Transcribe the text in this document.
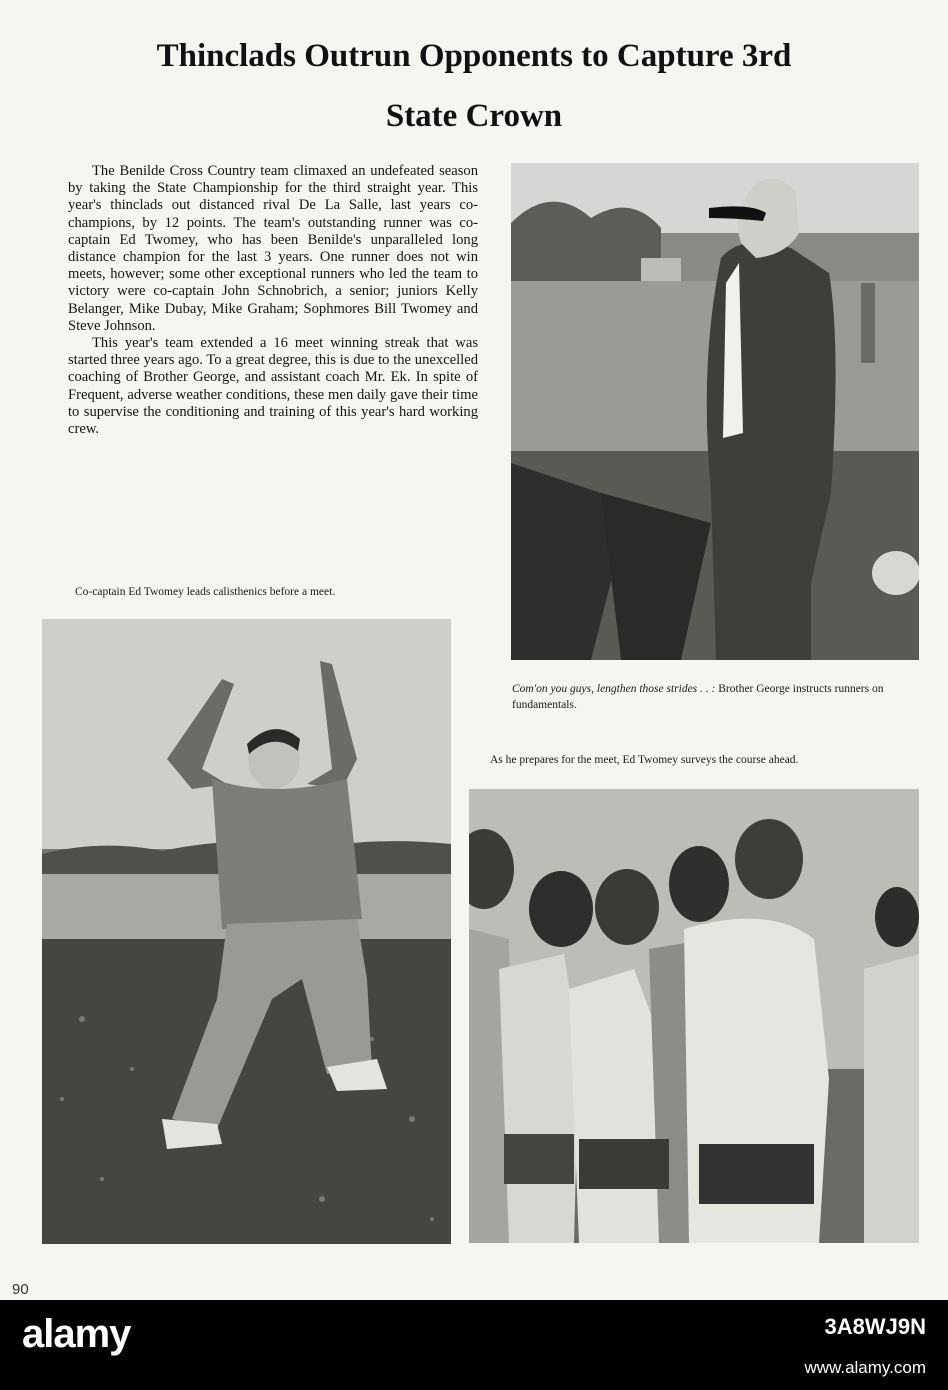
Thinclads Outrun Opponents to Capture 3rd
State Crown

The Benilde Cross Country team climaxed an undefeated season by taking the State Championship for the third straight year. This year's thinclads out distanced rival De La Salle, last years co-champions, by 12 points. The team's outstanding runner was co-captain Ed Twomey, who has been Benilde's unparalleled long distance champion for the last 3 years. One runner does not win meets, however; some other exceptional runners who led the team to victory were co-captain John Schnobrich, a senior; juniors Kelly Belanger, Mike Dubay, Mike Graham; Sophmores Bill Twomey and Steve Johnson.

This year's team extended a 16 meet winning streak that was started three years ago. To a great degree, this is due to the unexcelled coaching of Brother George, and assistant coach Mr. Ek. In spite of Frequent, adverse weather conditions, these men daily gave their time to supervise the conditioning and training of this year's hard working crew.

Com'on you guys, lengthen those strides . . : Brother George instructs runners on fundamentals.

Co-captain Ed Twomey leads calisthenics before a meet.

As he prepares for the meet, Ed Twomey surveys the course ahead.

90
alamy	3A8WJ9N
www.alamy.com
